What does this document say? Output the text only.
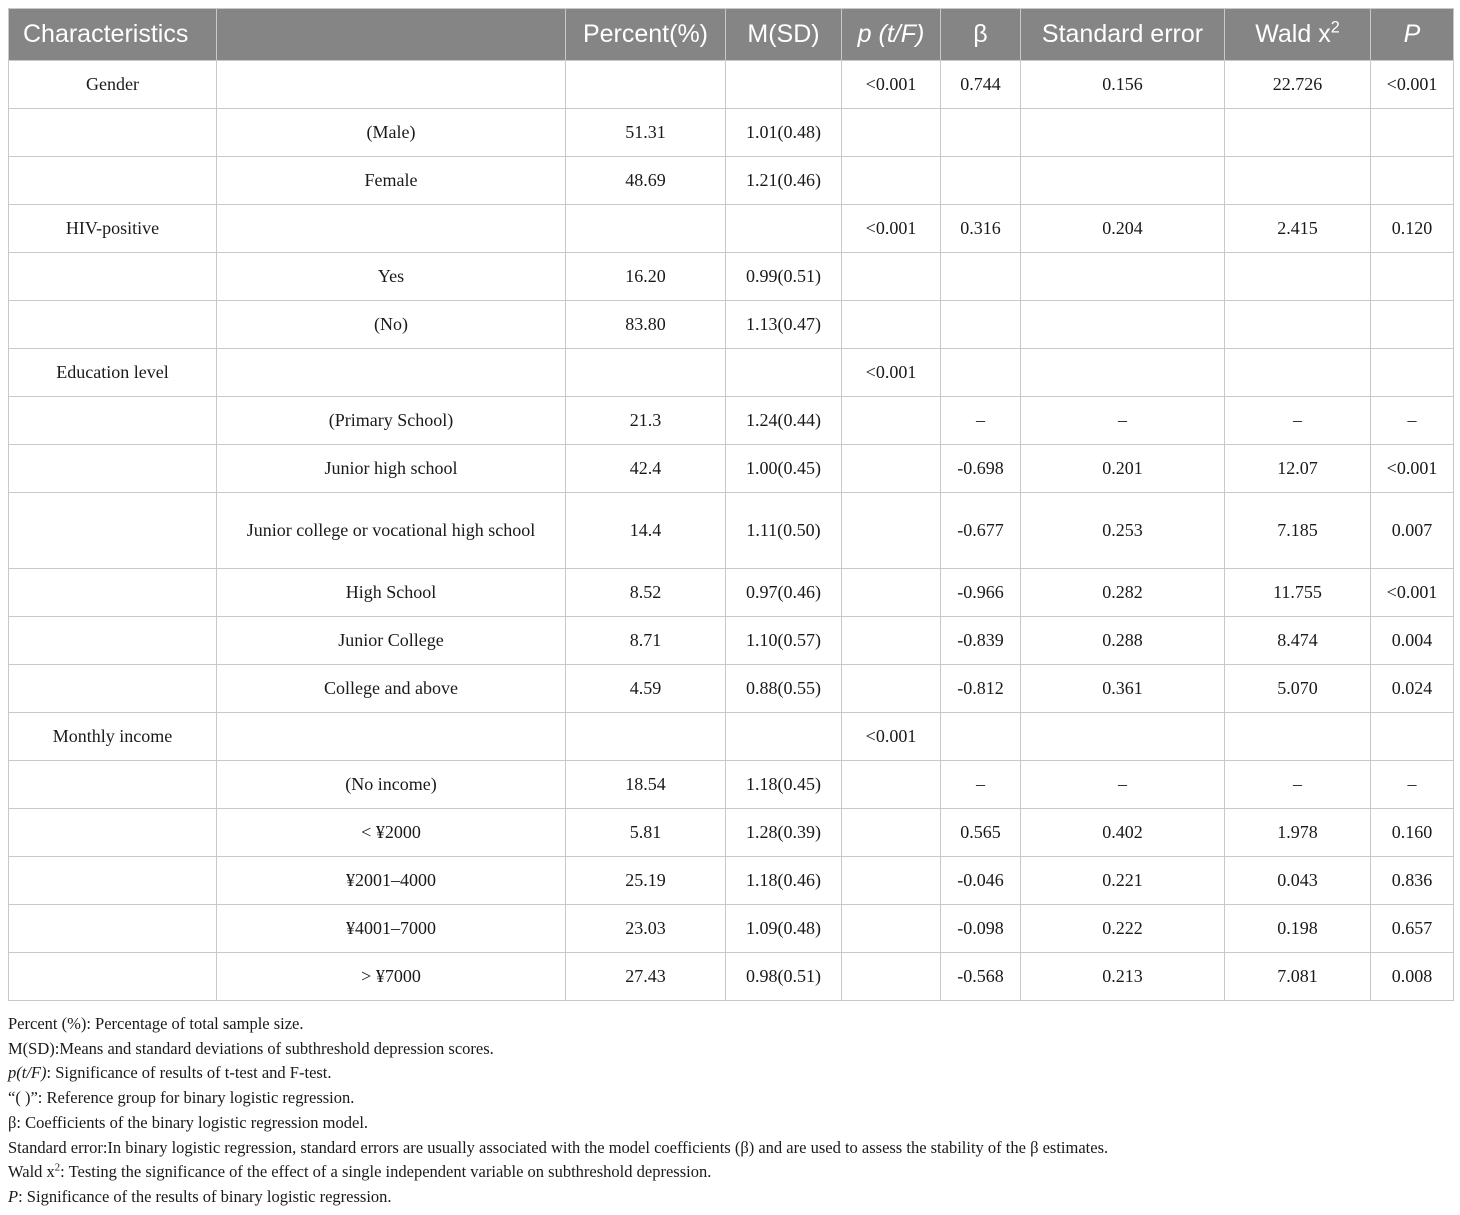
Characteristics		Percent(%)	M(SD)	p (t/F)	β	Standard error	Wald $x^2$	P
Gender				<0.001	0.744	0.156	22.726	<0.001
	(Male)	51.31	1.01(0.48)					
	Female	48.69	1.21(0.46)					
HIV-positive				<0.001	0.316	0.204	2.415	0.120
	Yes	16.20	0.99(0.51)					
	(No)	83.80	1.13(0.47)					
Education level				<0.001				
	(Primary School)	21.3	1.24(0.44)		–	–	–	–
	Junior high school	42.4	1.00(0.45)		-0.698	0.201	12.07	<0.001
	Junior college or vocational high school	14.4	1.11(0.50)		-0.677	0.253	7.185	0.007
	High School	8.52	0.97(0.46)		-0.966	0.282	11.755	<0.001
	Junior College	8.71	1.10(0.57)		-0.839	0.288	8.474	0.004
	College and above	4.59	0.88(0.55)		-0.812	0.361	5.070	0.024
Monthly income				<0.001				
	(No income)	18.54	1.18(0.45)		–	–	–	–
	< ¥2000	5.81	1.28(0.39)		0.565	0.402	1.978	0.160
	¥2001–4000	25.19	1.18(0.46)		-0.046	0.221	0.043	0.836
	¥4001–7000	23.03	1.09(0.48)		-0.098	0.222	0.198	0.657
	> ¥7000	27.43	0.98(0.51)		-0.568	0.213	7.081	0.008
Percent (%): Percentage of total sample size.
M(SD):Means and standard deviations of subthreshold depression scores.
p(t/F): Significance of results of t-test and F-test.
“( )”: Reference group for binary logistic regression.
β: Coefficients of the binary logistic regression model.
Standard error:In binary logistic regression, standard errors are usually associated with the model coefficients (β) and are used to assess the stability of the β estimates.
Wald $x^2$: Testing the significance of the effect of a single independent variable on subthreshold depression.
P: Significance of the results of binary logistic regression.
